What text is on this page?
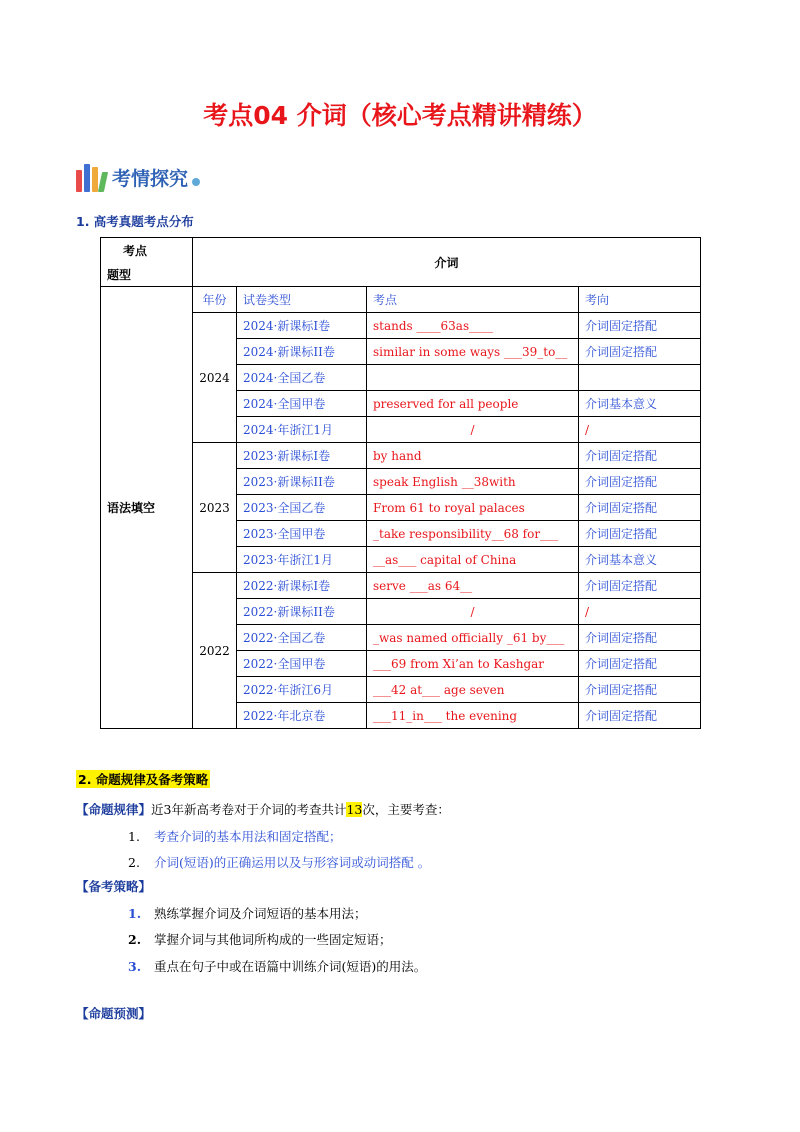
考点04 介词（核心考点精讲精练）
考情探究
1. 高考真题考点分布
考点
题型	介词			
语法填空	年份	试卷类型	考点	考向
	2024	2024·新课标I卷	stands ____63as____	介词固定搭配
		2024·新课标II卷	similar in some ways ___39_to__	介词固定搭配
		2024·全国乙卷		
		2024·全国甲卷	preserved for all people	介词基本意义
		2024·年浙江1月	/	/
	2023	2023·新课标I卷	by hand	介词固定搭配
		2023·新课标II卷	speak English __38with	介词固定搭配
		2023·全国乙卷	From 61 to royal palaces	介词固定搭配
		2023·全国甲卷	_take responsibility__68 for___	介词固定搭配
		2023·年浙江1月	__as___ capital of China	介词基本意义
	2022	2022·新课标I卷	serve ___as 64__	介词固定搭配
		2022·新课标II卷	/	/
		2022·全国乙卷	_was named officially _61 by___	介词固定搭配
		2022·全国甲卷	___69 from Xi’an to Kashgar	介词固定搭配
		2022·年浙江6月	___42 at___ age seven	介词固定搭配
		2022·年北京卷	___11_in___ the evening	介词固定搭配
2. 命题规律及备考策略
【命题规律】近3年新高考卷对于介词的考查共计13次，主要考查：
1. 考查介词的基本用法和固定搭配；
2. 介词(短语)的正确运用以及与形容词或动词搭配 。
【备考策略】
1. 熟练掌握介词及介词短语的基本用法；
2. 掌握介词与其他词所构成的一些固定短语；
3. 重点在句子中或在语篇中训练介词(短语)的用法。
【命题预测】
